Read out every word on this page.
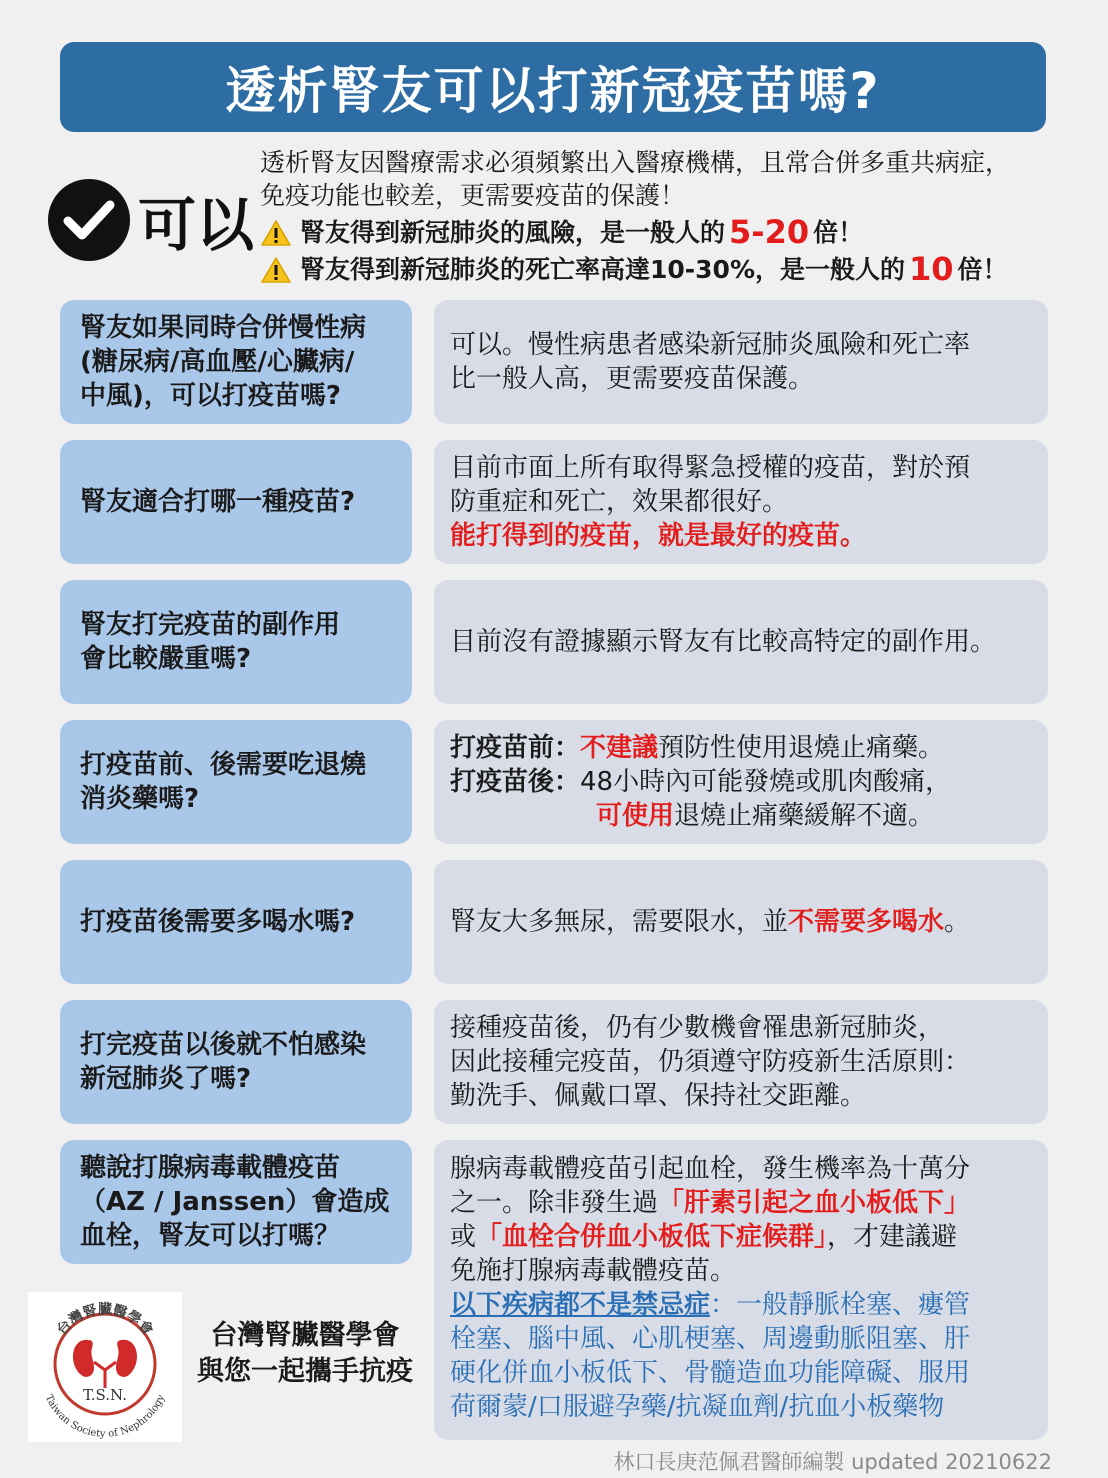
透析腎友可以打新冠疫苗嗎?
可以
透析腎友因醫療需求必須頻繁出入醫療機構，且常合併多重共病症，
免疫功能也較差，更需要疫苗的保護！
腎友得到新冠肺炎的風險，是一般人的 5-20 倍！
腎友得到新冠肺炎的死亡率高達10-30%，是一般人的 10 倍！
腎友如果同時合併慢性病
(糖尿病/高血壓/心臟病/
中風)，可以打疫苗嗎?
可以。慢性病患者感染新冠肺炎風險和死亡率
比一般人高，更需要疫苗保護。
腎友適合打哪一種疫苗?
目前市面上所有取得緊急授權的疫苗，對於預
防重症和死亡，效果都很好。
能打得到的疫苗，就是最好的疫苗。
腎友打完疫苗的副作用
會比較嚴重嗎?
目前沒有證據顯示腎友有比較高特定的副作用。
打疫苗前、後需要吃退燒
消炎藥嗎?
打疫苗前：不建議預防性使用退燒止痛藥。
打疫苗後：48小時內可能發燒或肌肉酸痛，
可使用退燒止痛藥緩解不適。
打疫苗後需要多喝水嗎?	腎友大多無尿，需要限水，並不需要多喝水。
打完疫苗以後就不怕感染
新冠肺炎了嗎?
接種疫苗後，仍有少數機會罹患新冠肺炎，
因此接種完疫苗，仍須遵守防疫新生活原則：
勤洗手、佩戴口罩、保持社交距離。
聽說打腺病毒載體疫苗
（AZ / Janssen）會造成
血栓，腎友可以打嗎？
腺病毒載體疫苗引起血栓，發生機率為十萬分
之一。除非發生過「肝素引起之血小板低下」
或「血栓合併血小板低下症候群」，才建議避
免施打腺病毒載體疫苗。
以下疾病都不是禁忌症：一般靜脈栓塞、瘻管
栓塞、腦中風、心肌梗塞、周邊動脈阻塞、肝
硬化併血小板低下、骨髓造血功能障礙、服用
荷爾蒙/口服避孕藥/抗凝血劑/抗血小板藥物
台灣腎臟醫學會
T.S.N.
Taiwan Society of Nephrology
台灣腎臟醫學會
與您一起攜手抗疫
林口長庚范佩君醫師編製 updated 20210622
